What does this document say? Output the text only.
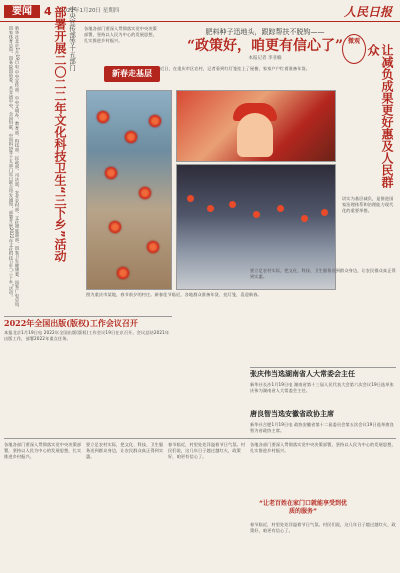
要闻	4 2022年1月20日 星期四	人民日报
中央宣传部等十五部门
部署开展二〇二二年文化科技卫生“三下乡”活动
新华社北京1月19日电 中央宣传部、中央文明办、教育部、科技部、民政部、司法部、农业农村部、文化和旅游部、国家卫生健康委、国家广电总局、国家体育总局、国务院国资委、共青团中央、全国妇联、中国科协等十五部门近日联合印发通知，部署开展2022年文化科技卫生“三下乡”活动。	各地各部门要深入贯彻落实党中央决策部署，坚持以人民为中心的发展思想，扎实推进乡村振兴。
肥料种子迅地头，跟踪帮扶不脱钩——
“政策好，咱更有信心了”
本报记者 李亚楠
新春走基层
近日，在重庆市区农村，记者看到红灯笼挂上了屋檐，家家户户忙着准备年货。
图为重庆市某地，春节前夕的村庄。新春佳节临近，各地群众准备年货、挂灯笼，喜迎新春。
微观
让减负成果更好惠及人民群众
切实为基层减负，是推进国家治理体系和治理能力现代化的重要举措。
要立足农村实际，把文化、科技、卫生服务送到群众身边，让农民群众真正得到实惠。
2022年全国出版(版权)工作会议召开
本报北京1月19日电 2022年全国出版(版权)工作会议19日在京召开。会议总结2021年出版工作，部署2022年重点任务。
张庆伟当选湖南省人大常委会主任
新华社长沙1月19日电 湖南省第十三届人民代表大会第六次会议19日选举张庆伟为湖南省人大常委会主任。
唐良智当选安徽省政协主席
新华社合肥1月19日电 政协安徽省第十二届委员会第五次会议19日选举唐良智为省政协主席。
各地各部门要深入贯彻落实党中央决策部署，坚持以人民为中心的发展思想，扎实推进乡村振兴。
要立足农村实际，把文化、科技、卫生服务送到群众身边，让农民群众真正得到实惠。
春节临近，村里处处洋溢着节日气氛。村民们说，这几年日子越过越红火，政策好，咱更有信心了。
各地各部门要深入贯彻落实党中央决策部署，坚持以人民为中心的发展思想，扎实推进乡村振兴。
“让老百姓在家门口就能享受到优质的服务”
春节临近，村里处处洋溢着节日气氛。村民们说，这几年日子越过越红火，政策好，咱更有信心了。
